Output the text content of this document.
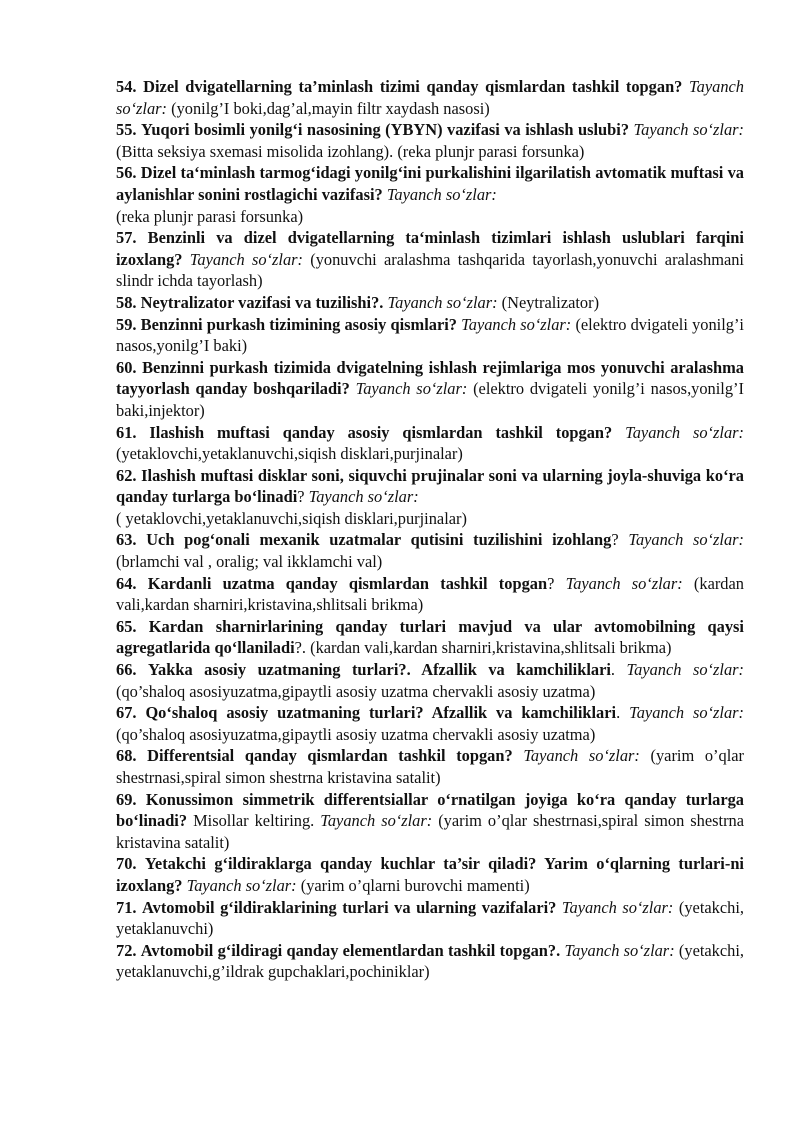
54. Dizel dvigatellarning ta’minlash tizimi qanday qismlardan tashkil topgan? Tayanch so‘zlar: (yonilg’I boki,dag’al,mayin filtr xaydash nasosi)

55. Yuqori bosimli yonilg‘i nasosining (YBYN) vazifasi va ishlash uslubi? Tayanch so‘zlar: (Bitta seksiya sxemasi misolida izohlang). (reka plunjr parasi forsunka)

56. Dizel ta‘minlash tarmog‘idagi yonilg‘ini purkalishini ilgarilatish avtomatik muftasi va aylanishlar sonini rostlagichi vazifasi? Tayanch so‘zlar:
(reka plunjr parasi forsunka)

57. Benzinli va dizel dvigatellarning ta‘minlash tizimlari ishlash uslublari farqini izoxlang? Tayanch so‘zlar: (yonuvchi aralashma tashqarida tayorlash,yonuvchi aralashmani slindr ichda tayorlash)

58. Neytralizator vazifasi va tuzilishi?. Tayanch so‘zlar: (Neytralizator)

59. Benzinni purkash tizimining asosiy qismlari? Tayanch so‘zlar: (elektro dvigateli yonilg’i nasos,yonilg’I baki)

60. Benzinni purkash tizimida dvigatelning ishlash rejimlariga mos yonuvchi aralashma tayyorlash qanday boshqariladi? Tayanch so‘zlar: (elektro dvigateli yonilg’i nasos,yonilg’I baki,injektor)

61. Ilashish muftasi qanday asosiy qismlardan tashkil topgan? Tayanch so‘zlar: (yetaklovchi,yetaklanuvchi,siqish disklari,purjinalar)

62. Ilashish muftasi disklar soni, siquvchi prujinalar soni va ularning joyla-shuviga ko‘ra qanday turlarga bo‘linadi? Tayanch so‘zlar:
( yetaklovchi,yetaklanuvchi,siqish disklari,purjinalar)

63. Uch pog‘onali mexanik uzatmalar qutisini tuzilishini izohlang? Tayanch so‘zlar: (brlamchi val , oralig; val ikklamchi val)

64. Kardanli uzatma qanday qismlardan tashkil topgan? Tayanch so‘zlar: (kardan vali,kardan sharniri,kristavina,shlitsali brikma)

65. Kardan sharnirlarining qanday turlari mavjud va ular avtomobilning qaysi agregatlarida qo‘llaniladi?. (kardan vali,kardan sharniri,kristavina,shlitsali brikma)

66. Yakka asosiy uzatmaning turlari?. Afzallik va kamchiliklari. Tayanch so‘zlar: (qo’shaloq asosiyuzatma,gipaytli asosiy uzatma chervakli asosiy uzatma)

67. Qo‘shaloq asosiy uzatmaning turlari? Afzallik va kamchiliklari. Tayanch so‘zlar: (qo’shaloq asosiyuzatma,gipaytli asosiy uzatma chervakli asosiy uzatma)

68. Differentsial qanday qismlardan tashkil topgan? Tayanch so‘zlar: (yarim o’qlar shestrnasi,spiral simon shestrna kristavina satalit)

69. Konussimon simmetrik differentsiallar o‘rnatilgan joyiga ko‘ra qanday turlarga bo‘linadi? Misollar keltiring. Tayanch so‘zlar: (yarim o’qlar shestrnasi,spiral simon shestrna kristavina satalit)

70. Yetakchi g‘ildiraklarga qanday kuchlar ta’sir qiladi? Yarim o‘qlarning turlari-ni izoxlang? Tayanch so‘zlar: (yarim o’qlarni burovchi mamenti)

71. Avtomobil g‘ildiraklarining turlari va ularning vazifalari? Tayanch so‘zlar: (yetakchi, yetaklanuvchi)

72. Avtomobil g‘ildiragi qanday elementlardan tashkil topgan?. Tayanch so‘zlar: (yetakchi, yetaklanuvchi,g’ildrak gupchaklari,pochiniklar)
